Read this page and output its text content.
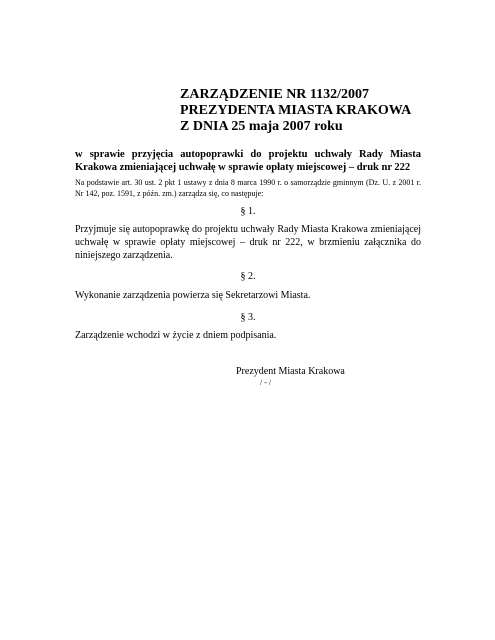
ZARZĄDZENIE NR 1132/2007
PREZYDENTA MIASTA KRAKOWA
Z DNIA 25 maja 2007 roku

w sprawie przyjęcia autopoprawki do projektu uchwały Rady Miasta Krakowa zmieniającej uchwałę w sprawie opłaty miejscowej – druk nr 222

Na podstawie art. 30 ust. 2 pkt 1 ustawy z dnia 8 marca 1990 r. o samorządzie gminnym (Dz. U. z 2001 r. Nr 142, poz. 1591, z późn. zm.) zarządza się, co następuje:

§ 1.

Przyjmuje się autopoprawkę do projektu uchwały Rady Miasta Krakowa zmieniającej uchwałę w sprawie opłaty miejscowej – druk nr 222, w brzmieniu załącznika do niniejszego zarządzenia.

§ 2.

Wykonanie zarządzenia powierza się Sekretarzowi Miasta.

§ 3.

Zarządzenie wchodzi w życie z dniem podpisania.

Prezydent Miasta Krakowa

/ - /
